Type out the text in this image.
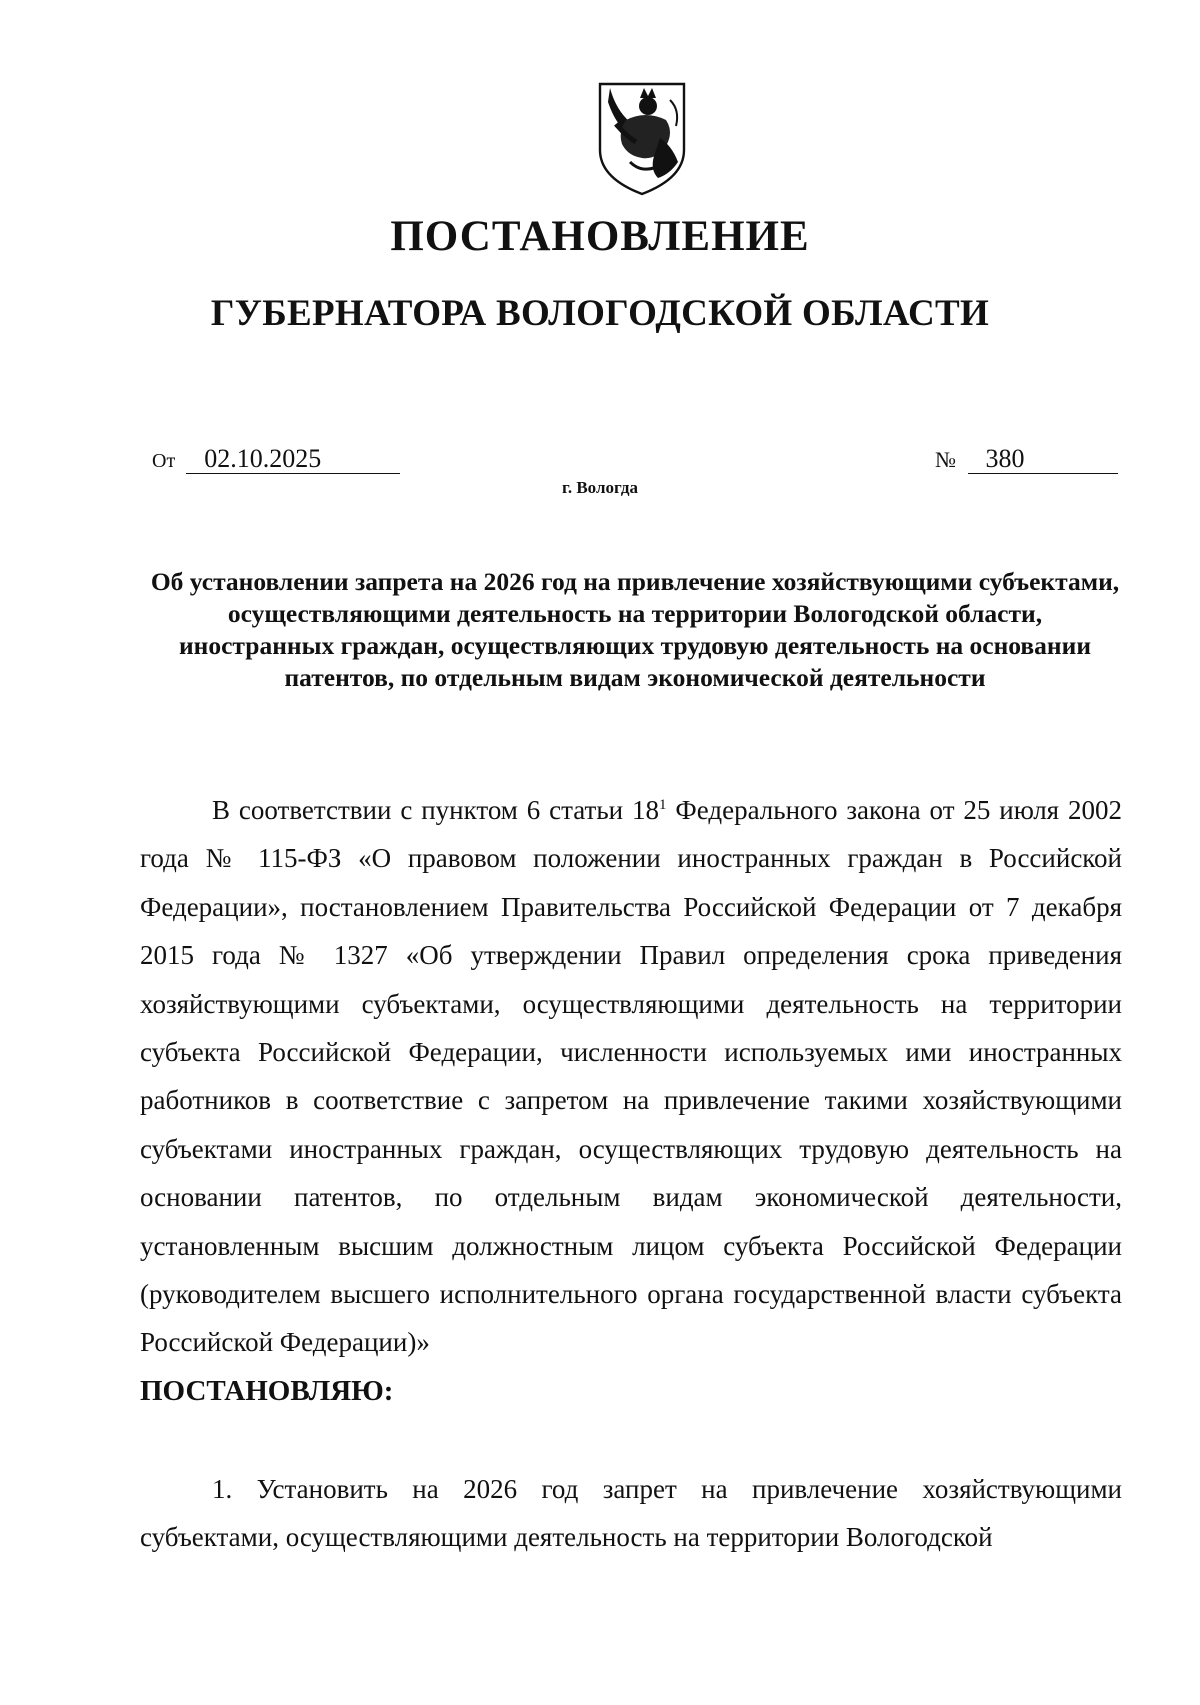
ПОСТАНОВЛЕНИЕ
ГУБЕРНАТОРА ВОЛОГОДСКОЙ ОБЛАСТИ
От 02.10.2025	№ 380
г. Вологда
Об установлении запрета на 2026 год на привлечение хозяйствующими субъектами, осуществляющими деятельность на территории Вологодской области, иностранных граждан, осуществляющих трудовую деятельность на основании патентов, по отдельным видам экономической деятельности

В соответствии с пунктом 6 статьи $18^1$ Федерального закона от 25 июля 2002 года № 115-ФЗ «О правовом положении иностранных граждан в Российской Федерации», постановлением Правительства Российской Федерации от 7 декабря 2015 года № 1327 «Об утверждении Правил определения срока приведения хозяйствующими субъектами, осуществляющими деятельность на территории субъекта Российской Федерации, численности используемых ими иностранных работников в соответствие с запретом на привлечение такими хозяйствующими субъектами иностранных граждан, осуществляющих трудовую деятельность на основании патентов, по отдельным видам экономической деятельности, установленным высшим должностным лицом субъекта Российской Федерации (руководителем высшего исполнительного органа государственной власти субъекта Российской Федерации)»

ПОСТАНОВЛЯЮ:

1. Установить на 2026 год запрет на привлечение хозяйствующими субъектами, осуществляющими деятельность на территории Вологодской
